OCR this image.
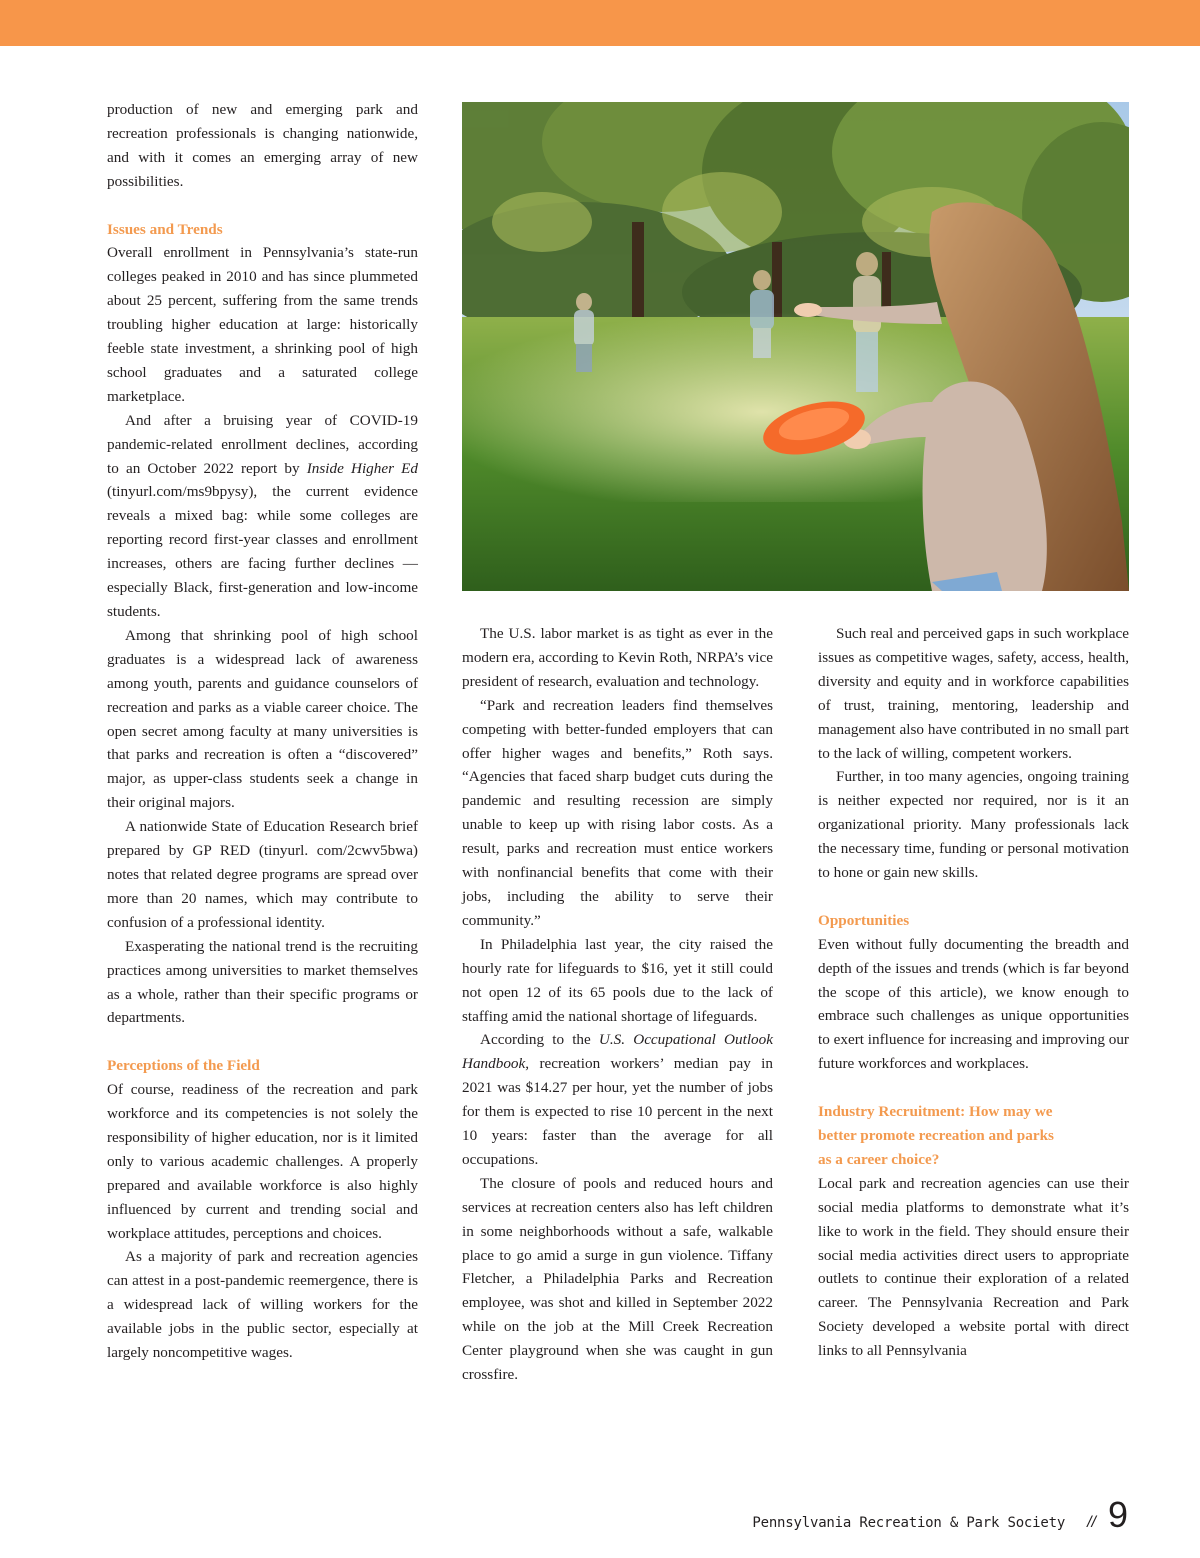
production of new and emerging park and recreation professionals is changing nationwide, and with it comes an emerging array of new possibilities.

Issues and Trends

Overall enrollment in Pennsylvania’s state-run colleges peaked in 2010 and has since plummeted about 25 percent, suffering from the same trends troubling higher education at large: historically feeble state investment, a shrinking pool of high school graduates and a saturated college marketplace.

And after a bruising year of COVID-19 pandemic-related enrollment declines, according to an October 2022 report by Inside Higher Ed (tinyurl.com/ms9bpysy), the current evidence reveals a mixed bag: while some colleges are reporting record first-year classes and enrollment increases, others are facing further declines — especially Black, first-generation and low-income students.

Among that shrinking pool of high school graduates is a widespread lack of awareness among youth, parents and guidance counselors of recreation and parks as a viable career choice. The open secret among faculty at many universities is that parks and recreation is often a “discovered” major, as upper-class students seek a change in their original majors.

A nationwide State of Education Research brief prepared by GP RED (tinyurl. com/2cwv5bwa) notes that related degree programs are spread over more than 20 names, which may contribute to confusion of a professional identity.

Exasperating the national trend is the recruiting practices among universities to market themselves as a whole, rather than their specific programs or departments.

Perceptions of the Field

Of course, readiness of the recreation and park workforce and its competencies is not solely the responsibility of higher education, nor is it limited only to various academic challenges. A properly prepared and available workforce is also highly influenced by current and trending social and workplace attitudes, perceptions and choices.

As a majority of park and recreation agencies can attest in a post-pandemic reemergence, there is a widespread lack of willing workers for the available jobs in the public sector, especially at largely noncompetitive wages.

The U.S. labor market is as tight as ever in the modern era, according to Kevin Roth, NRPA’s vice president of research, evaluation and technology.

“Park and recreation leaders find themselves competing with better-funded employers that can offer higher wages and benefits,” Roth says. “Agencies that faced sharp budget cuts during the pandemic and resulting recession are simply unable to keep up with rising labor costs. As a result, parks and recreation must entice workers with nonfinancial benefits that come with their jobs, including the ability to serve their community.”

In Philadelphia last year, the city raised the hourly rate for lifeguards to $16, yet it still could not open 12 of its 65 pools due to the lack of staffing amid the national shortage of lifeguards.

According to the U.S. Occupational Outlook Handbook, recreation workers’ median pay in 2021 was $14.27 per hour, yet the number of jobs for them is expected to rise 10 percent in the next 10 years: faster than the average for all occupations.

The closure of pools and reduced hours and services at recreation centers also has left children in some neighborhoods without a safe, walkable place to go amid a surge in gun violence. Tiffany Fletcher, a Philadelphia Parks and Recreation employee, was shot and killed in September 2022 while on the job at the Mill Creek Recreation Center playground when she was caught in gun crossfire.

Such real and perceived gaps in such workplace issues as competitive wages, safety, access, health, diversity and equity and in workforce capabilities of trust, training, mentoring, leadership and management also have contributed in no small part to the lack of willing, competent workers.

Further, in too many agencies, ongoing training is neither expected nor required, nor is it an organizational priority. Many professionals lack the necessary time, funding or personal motivation to hone or gain new skills.

Opportunities

Even without fully documenting the breadth and depth of the issues and trends (which is far beyond the scope of this article), we know enough to embrace such challenges as unique opportunities to exert influence for increasing and improving our future workforces and workplaces.

Industry Recruitment: How may we
better promote recreation and parks
as a career choice?

Local park and recreation agencies can use their social media platforms to demonstrate what it’s like to work in the field. They should ensure their social media activities direct users to appropriate outlets to continue their exploration of a related career. The Pennsylvania Recreation and Park Society developed a website portal with direct links to all Pennsylvania

Pennsylvania Recreation & Park Society // 9
